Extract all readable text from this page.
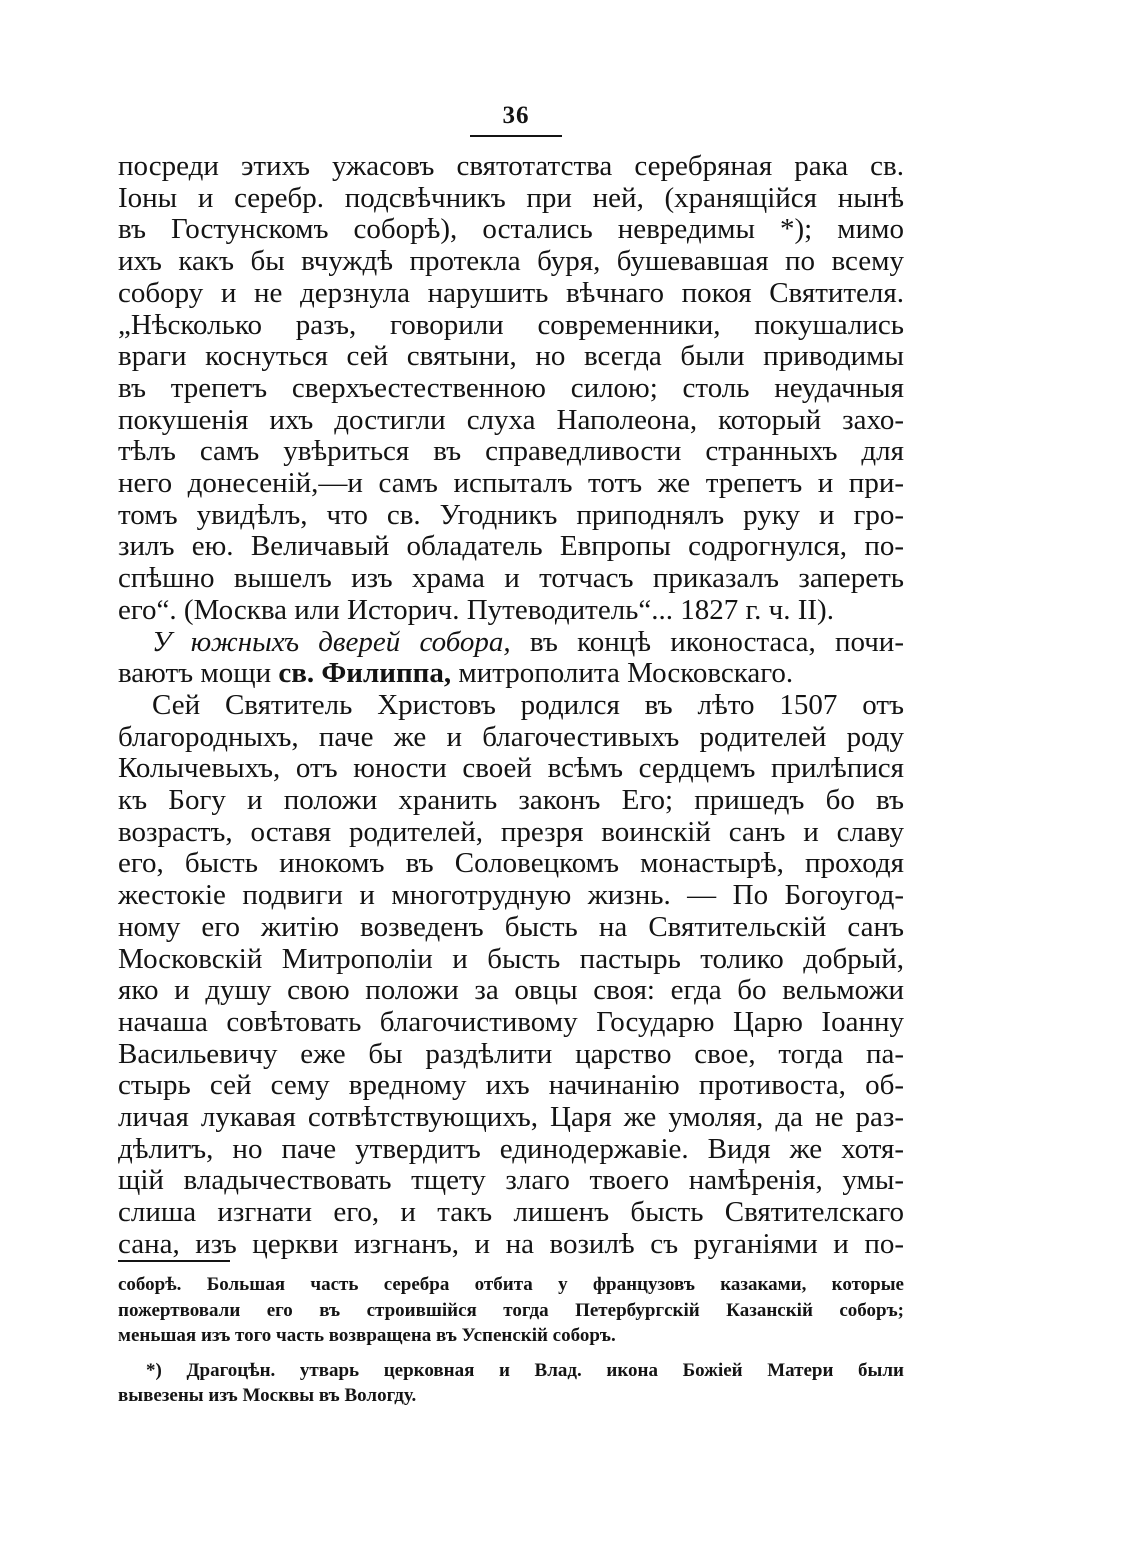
36
посреди этихъ ужасовъ святотатства серебряная рака св.
Іоны и серебр. подсвѣчникъ при ней, (хранящійся нынѣ
въ Гостунскомъ соборѣ), остались невредимы *); мимо
ихъ какъ бы вчуждѣ протекла буря, бушевавшая по всему
собору и не дерзнула нарушить вѣчнаго покоя Святителя.
„Нѣсколько разъ, говорили современники, покушались
враги коснуться сей святыни, но всегда были приводимы
въ трепетъ сверхъестественною силою; столь неудачныя
покушенія ихъ достигли слуха Наполеона, который захо-
тѣлъ самъ увѣриться въ справедливости странныхъ для
него донесеній,—и самъ испыталъ тотъ же трепетъ и при-
томъ увидѣлъ, что св. Угодникъ приподнялъ руку и гро-
зилъ ею. Величавый обладатель Евпропы содрогнулся, по-
спѣшно вышелъ изъ храма и тотчасъ приказалъ запереть
его“. (Москва или Историч. Путеводитель“... 1827 г. ч. II).
У южныхъ дверей собора, въ концѣ иконостаса, почи-
ваютъ мощи св. Филиппа, митрополита Московскаго.
Сей Святитель Христовъ родился въ лѣто 1507 отъ
благородныхъ, паче же и благочестивыхъ родителей роду
Колычевыхъ, отъ юности своей всѣмъ сердцемъ прилѣпися
къ Богу и положи хранить законъ Его; пришедъ бо въ
возрастъ, оставя родителей, презря воинскій санъ и славу
его, бысть инокомъ въ Соловецкомъ монастырѣ, проходя
жестокіе подвиги и многотрудную жизнь. — По Богоугод-
ному его житію возведенъ бысть на Святительскій санъ
Московскій Митрополіи и бысть пастырь толико добрый,
яко и душу свою положи за овцы своя: егда бо вельможи
начаша совѣтовать благочистивому Государю Царю Іоанну
Васильевичу еже бы раздѣлити царство свое, тогда па-
стырь сей сему вредному ихъ начинанію противоста, об-
личая лукавая сотвѣтствующихъ, Царя же умоляя, да не раз-
дѣлитъ, но паче утвердитъ единодержавіе. Видя же хотя-
щій владычествовать тщету злаго твоего намѣренія, умы-
слиша изгнати его, и такъ лишенъ бысть Святителскаго
сана, изъ церкви изгнанъ, и на возилѣ съ руганіями и по-
соборѣ. Большая часть серебра отбита у французовъ казаками, которые
пожертвовали его въ строившійся тогда Петербургскій Казанскій соборъ;
меньшая изъ того часть возвращена въ Успенскій соборъ.
*) Драгоцѣн. утварь церковная и Влад. икона Божіей Матери были
вывезены изъ Москвы въ Вологду.
